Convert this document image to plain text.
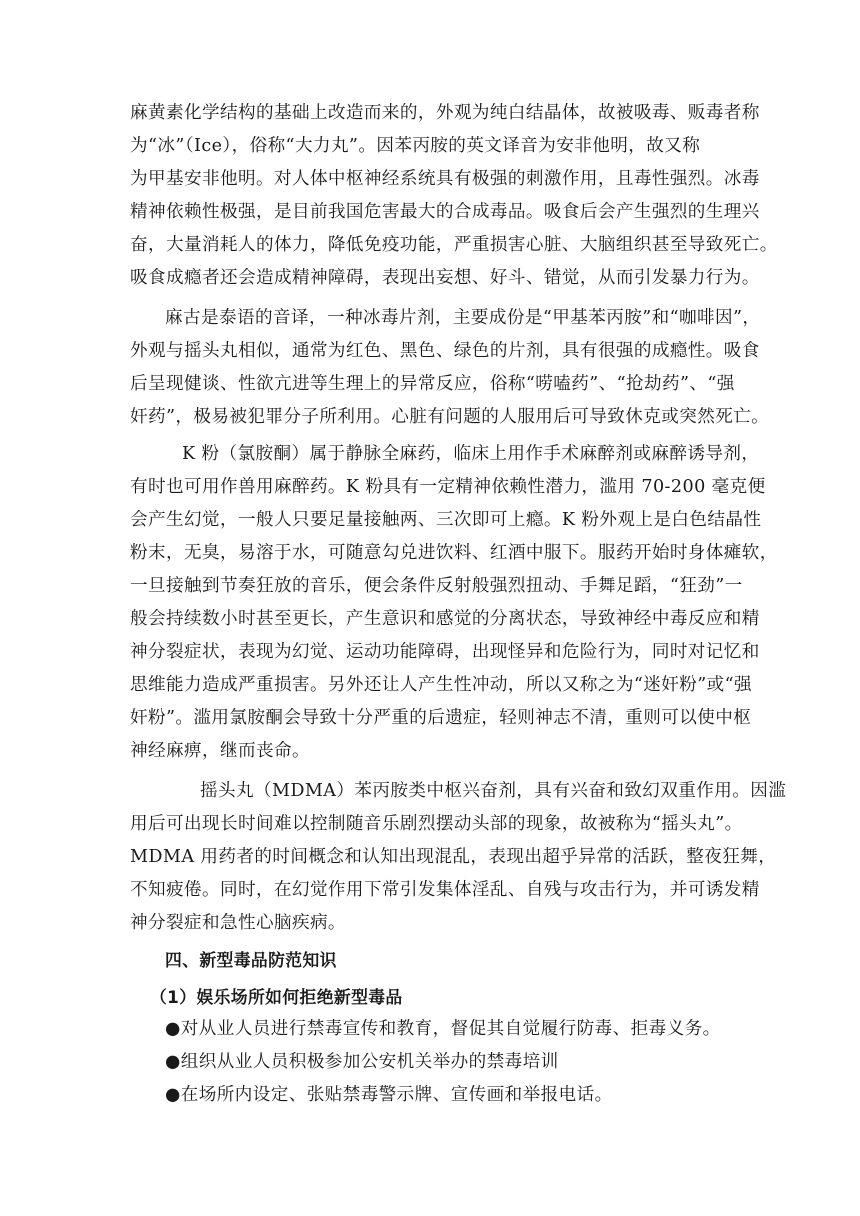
麻黄素化学结构的基础上改造而来的，外观为纯白结晶体，故被吸毒、贩毒者称

为“冰”（Ice），俗称“大力丸”。因苯丙胺的英文译音为安非他明，故又称

为甲基安非他明。对人体中枢神经系统具有极强的刺激作用，且毒性强烈。冰毒

精神依赖性极强，是目前我国危害最大的合成毒品。吸食后会产生强烈的生理兴

奋，大量消耗人的体力，降低免疫功能，严重损害心脏、大脑组织甚至导致死亡。

吸食成瘾者还会造成精神障碍，表现出妄想、好斗、错觉，从而引发暴力行为。

麻古是泰语的音译，一种冰毒片剂，主要成份是“甲基苯丙胺”和“咖啡因”，

外观与摇头丸相似，通常为红色、黑色、绿色的片剂，具有很强的成瘾性。吸食

后呈现健谈、性欲亢进等生理上的异常反应，俗称“唠嗑药”、“抢劫药”、“强

奸药”，极易被犯罪分子所利用。心脏有问题的人服用后可导致休克或突然死亡。

K 粉（氯胺酮）属于静脉全麻药，临床上用作手术麻醉剂或麻醉诱导剂，

有时也可用作兽用麻醉药。K 粉具有一定精神依赖性潜力，滥用 70-200 毫克便

会产生幻觉，一般人只要足量接触两、三次即可上瘾。K 粉外观上是白色结晶性

粉末，无臭，易溶于水，可随意勾兑进饮料、红酒中服下。服药开始时身体瘫软，

一旦接触到节奏狂放的音乐，便会条件反射般强烈扭动、手舞足蹈，“狂劲”一

般会持续数小时甚至更长，产生意识和感觉的分离状态，导致神经中毒反应和精

神分裂症状，表现为幻觉、运动功能障碍，出现怪异和危险行为，同时对记忆和

思维能力造成严重损害。另外还让人产生性冲动，所以又称之为“迷奸粉”或“强

奸粉”。滥用氯胺酮会导致十分严重的后遗症，轻则神志不清，重则可以使中枢

神经麻痹，继而丧命。

摇头丸（MDMA）苯丙胺类中枢兴奋剂，具有兴奋和致幻双重作用。因滥

用后可出现长时间难以控制随音乐剧烈摆动头部的现象，故被称为“摇头丸”。

MDMA 用药者的时间概念和认知出现混乱，表现出超乎异常的活跃，整夜狂舞，

不知疲倦。同时，在幻觉作用下常引发集体淫乱、自残与攻击行为，并可诱发精

神分裂症和急性心脑疾病。

四、新型毒品防范知识

（1）娱乐场所如何拒绝新型毒品

●对从业人员进行禁毒宣传和教育，督促其自觉履行防毒、拒毒义务。

●组织从业人员积极参加公安机关举办的禁毒培训

●在场所内设定、张贴禁毒警示牌、宣传画和举报电话。
